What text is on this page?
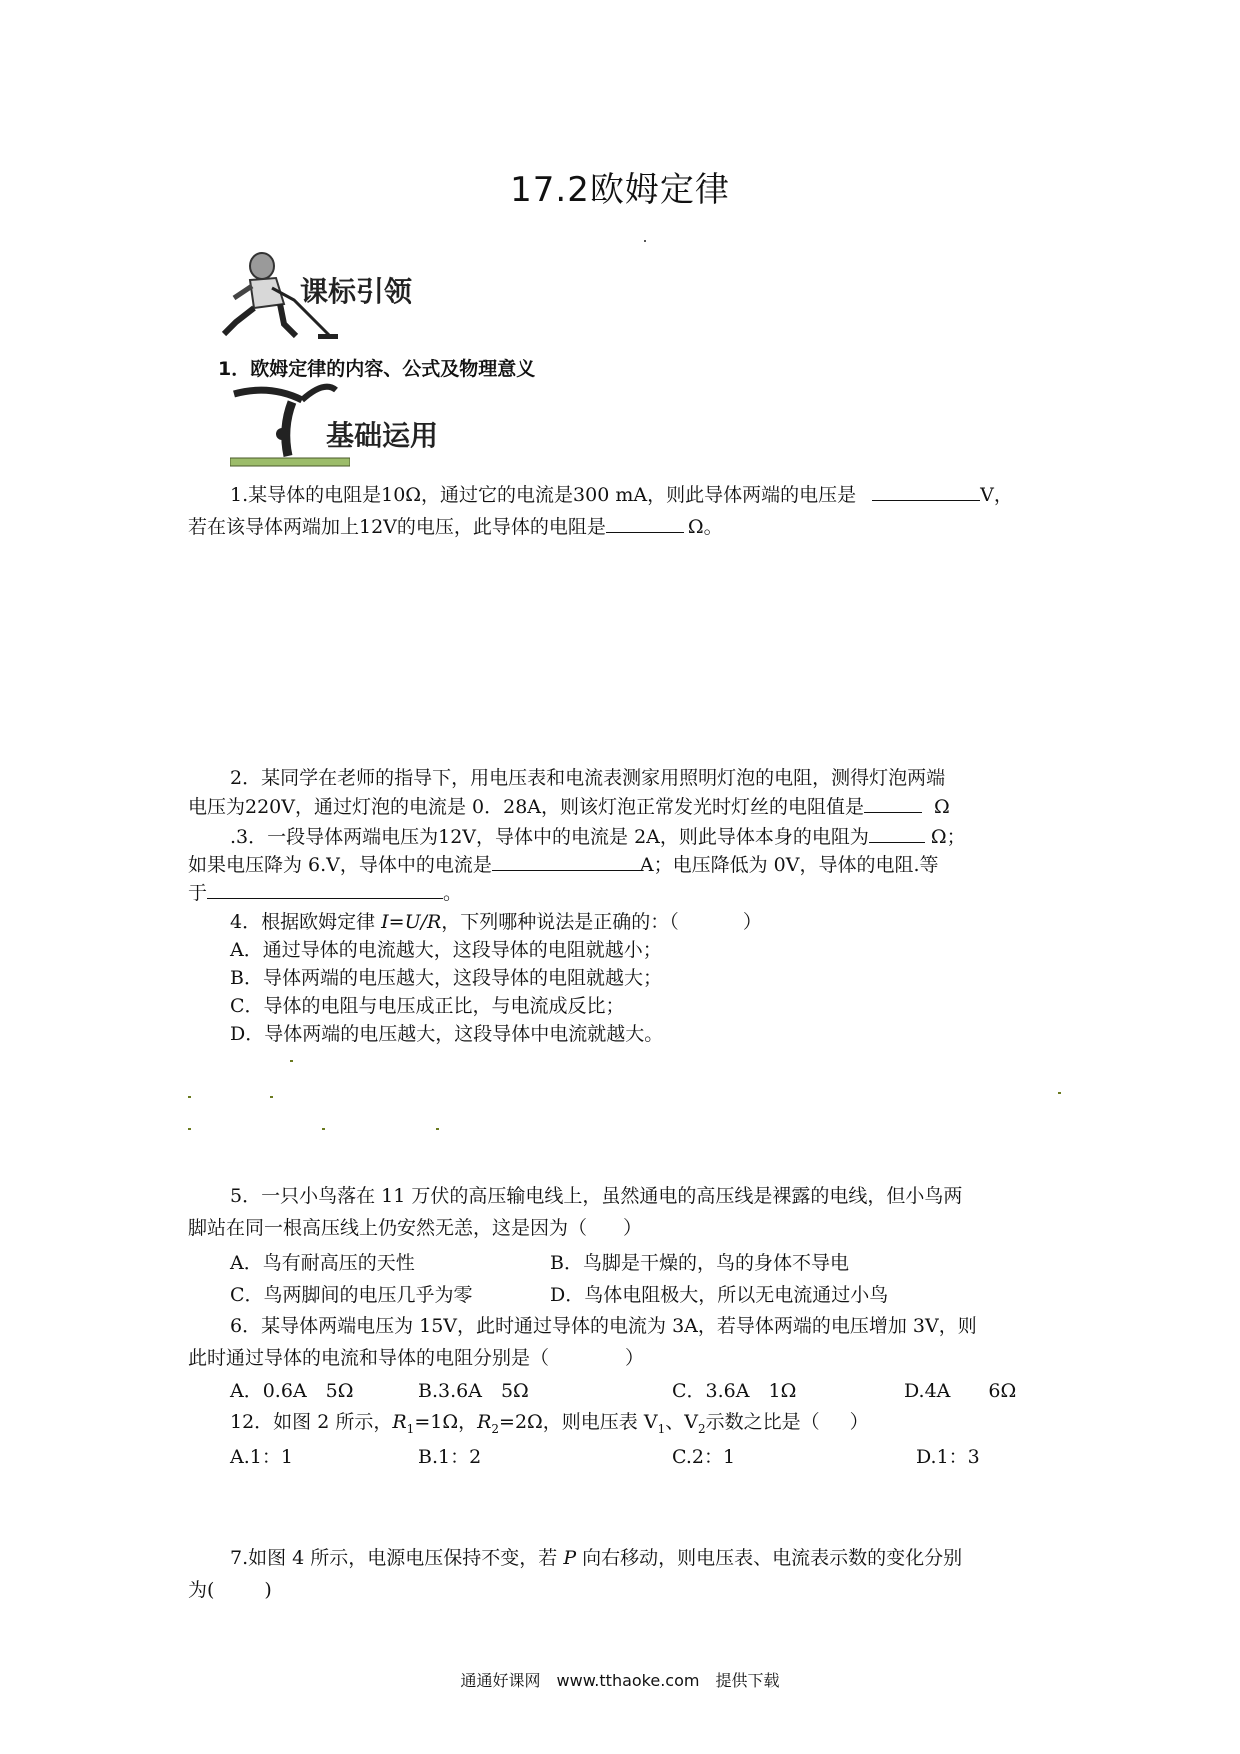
17.2欧姆定律
课标引领
1．欧姆定律的内容、公式及物理意义
基础运用
1.某导体的电阻是10Ω，通过它的电流是300 mA，则此导体两端的电压是	V，
若在该导体两端加上12V的电压，此导体的电阻是	Ω。
2．某同学在老师的指导下，用电压表和电流表测家用照明灯泡的电阻，测得灯泡两端
电压为220V，通过灯泡的电流是 0．28A，则该灯泡正常发光时灯丝的电阻值是	Ω
.3．一段导体两端电压为12V，导体中的电流是 2A，则此导体本身的电阻为	Ω；
如果电压降为 6.V，导体中的电流是	A；电压降低为 0V，导体的电阻.等
于	。
4．根据欧姆定律 I=U/R，下列哪种说法是正确的：（	）
A．通过导体的电流越大，这段导体的电阻就越小；
B．导体两端的电压越大，这段导体的电阻就越大；
C．导体的电阻与电压成正比，与电流成反比；
D．导体两端的电压越大，这段导体中电流就越大。
5．一只小鸟落在 11 万伏的高压输电线上，虽然通电的高压线是裸露的电线，但小鸟两
脚站在同一根高压线上仍安然无恙，这是因为（ ）
A．鸟有耐高压的天性	B．鸟脚是干燥的，鸟的身体不导电
C．鸟两脚间的电压几乎为零	D．鸟体电阻极大，所以无电流通过小鸟
6．某导体两端电压为 15V，此时通过导体的电流为 3A，若导体两端的电压增加 3V，则
此时通过导体的电流和导体的电阻分别是（	）
A．0.6A　5Ω	B.3.6A　5Ω	C．3.6A　1Ω	D.4A　　6Ω
12．如图 2 所示，$R_1=1\Omega$，$R_2=2\Omega$，则电压表 $V_1$、$V_2$示数之比是（ ）
A.1：1	B.1：2	C.2：1	D.1：3
7.如图 4 所示，电源电压保持不变，若 P 向右移动，则电压表、电流表示数的变化分别
为(	)
通通好课网　www.tthaoke.com　提供下载
